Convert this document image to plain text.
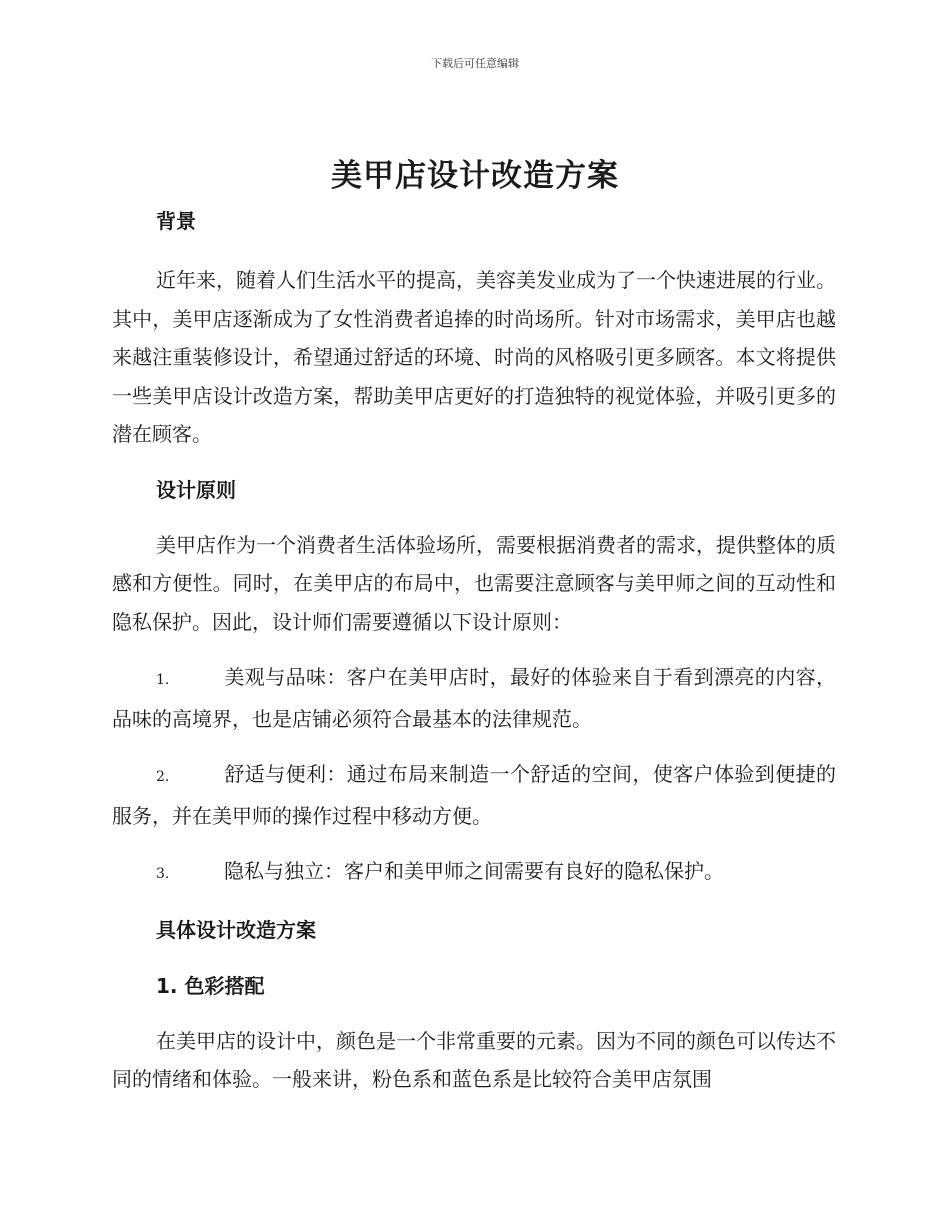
下载后可任意编辑
美甲店设计改造方案
背景
近年来，随着人们生活水平的提高，美容美发业成为了一个快速进展的行业。其中，美甲店逐渐成为了女性消费者追捧的时尚场所。针对市场需求，美甲店也越来越注重装修设计，希望通过舒适的环境、时尚的风格吸引更多顾客。本文将提供一些美甲店设计改造方案，帮助美甲店更好的打造独特的视觉体验，并吸引更多的潜在顾客。
设计原则
美甲店作为一个消费者生活体验场所，需要根据消费者的需求，提供整体的质感和方便性。同时，在美甲店的布局中，也需要注意顾客与美甲师之间的互动性和隐私保护。因此，设计师们需要遵循以下设计原则：
1.	美观与品味：客户在美甲店时，最好的体验来自于看到漂亮的内容，品味的高境界，也是店铺必须符合最基本的法律规范。
2.	舒适与便利：通过布局来制造一个舒适的空间，使客户体验到便捷的服务，并在美甲师的操作过程中移动方便。
3.	隐私与独立：客户和美甲师之间需要有良好的隐私保护。
具体设计改造方案
1. 色彩搭配
在美甲店的设计中，颜色是一个非常重要的元素。因为不同的颜色可以传达不同的情绪和体验。一般来讲，粉色系和蓝色系是比较符合美甲店氛围
